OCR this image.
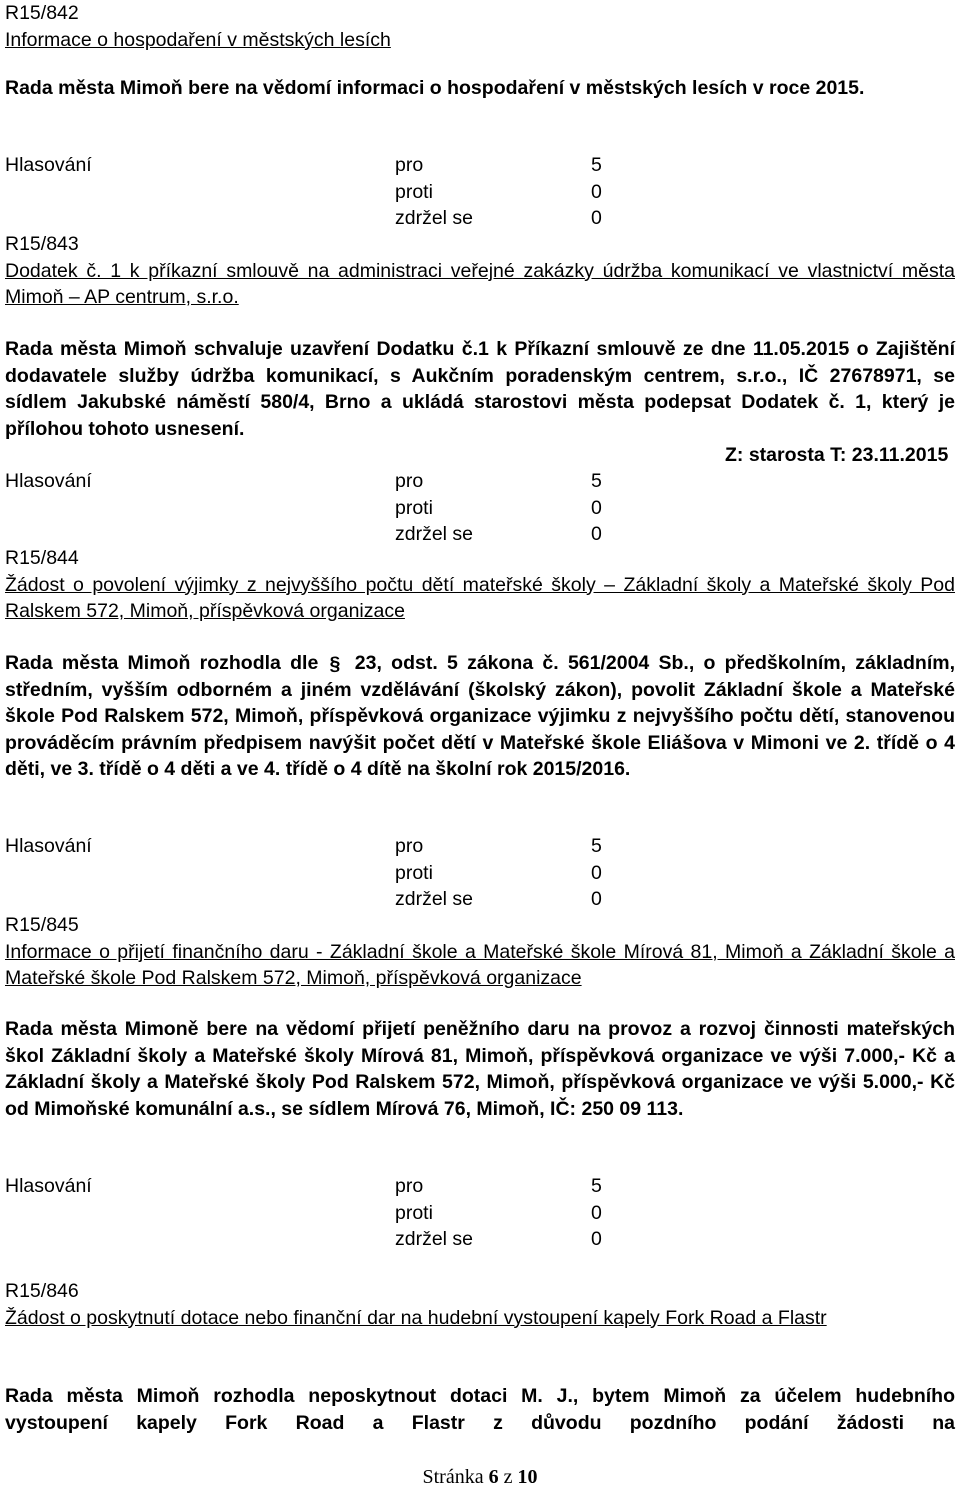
R15/842

Informace o hospodaření v městských lesích

Rada města Mimoň bere na vědomí informaci o hospodaření v městských lesích v roce 2015.

Hlasování	pro	5
proti	0
zdržel se	0

R15/843

Dodatek č. 1 k příkazní smlouvě na administraci veřejné zakázky údržba komunikací ve vlastnictví města Mimoň – AP centrum, s.r.o.

Rada města Mimoň schvaluje uzavření Dodatku č.1 k Příkazní smlouvě ze dne 11.05.2015 o Zajištění dodavatele služby údržba komunikací, s Aukčním poradenským centrem, s.r.o., IČ 27678971, se sídlem Jakubské náměstí 580/4, Brno a ukládá starostovi města podepsat Dodatek č. 1, který je přílohou tohoto usnesení.

Z: starosta T: 23.11.2015
Hlasování	pro	5
proti	0
zdržel se	0

R15/844

Žádost o povolení výjimky z nejvyššího počtu dětí mateřské školy – Základní školy a Mateřské školy Pod Ralskem 572, Mimoň, příspěvková organizace

Rada města Mimoň rozhodla dle § 23, odst. 5 zákona č. 561/2004 Sb., o předškolním, základním, středním, vyšším odborném a jiném vzdělávání (školský zákon), povolit Základní škole a Mateřské škole Pod Ralskem 572, Mimoň, příspěvková organizace výjimku z nejvyššího počtu dětí, stanovenou prováděcím právním předpisem navýšit počet dětí v Mateřské škole Eliášova v Mimoni ve 2. třídě o 4 děti, ve 3. třídě o 4 děti a ve 4. třídě o 4 dítě na školní rok 2015/2016.

Hlasování	pro	5
proti	0
zdržel se	0

R15/845

Informace o přijetí finančního daru - Základní škole a Mateřské škole Mírová 81, Mimoň a Základní škole a Mateřské škole Pod Ralskem 572, Mimoň, příspěvková organizace

Rada města Mimoně bere na vědomí přijetí peněžního daru na provoz a rozvoj činnosti mateřských škol Základní školy a Mateřské školy Mírová 81, Mimoň, příspěvková organizace ve výši 7.000,- Kč a Základní školy a Mateřské školy Pod Ralskem 572, Mimoň, příspěvková organizace ve výši 5.000,- Kč od Mimoňské komunální a.s., se sídlem Mírová 76, Mimoň, IČ: 250 09 113.

Hlasování	pro	5
proti	0
zdržel se	0

R15/846

Žádost o poskytnutí dotace nebo finanční dar na hudební vystoupení kapely Fork Road a Flastr

Rada města Mimoň rozhodla neposkytnout dotaci M. J., bytem Mimoň za účelem hudebního vystoupení kapely Fork Road a Flastr z důvodu pozdního podání žádosti na

Stránka 6 z 10
